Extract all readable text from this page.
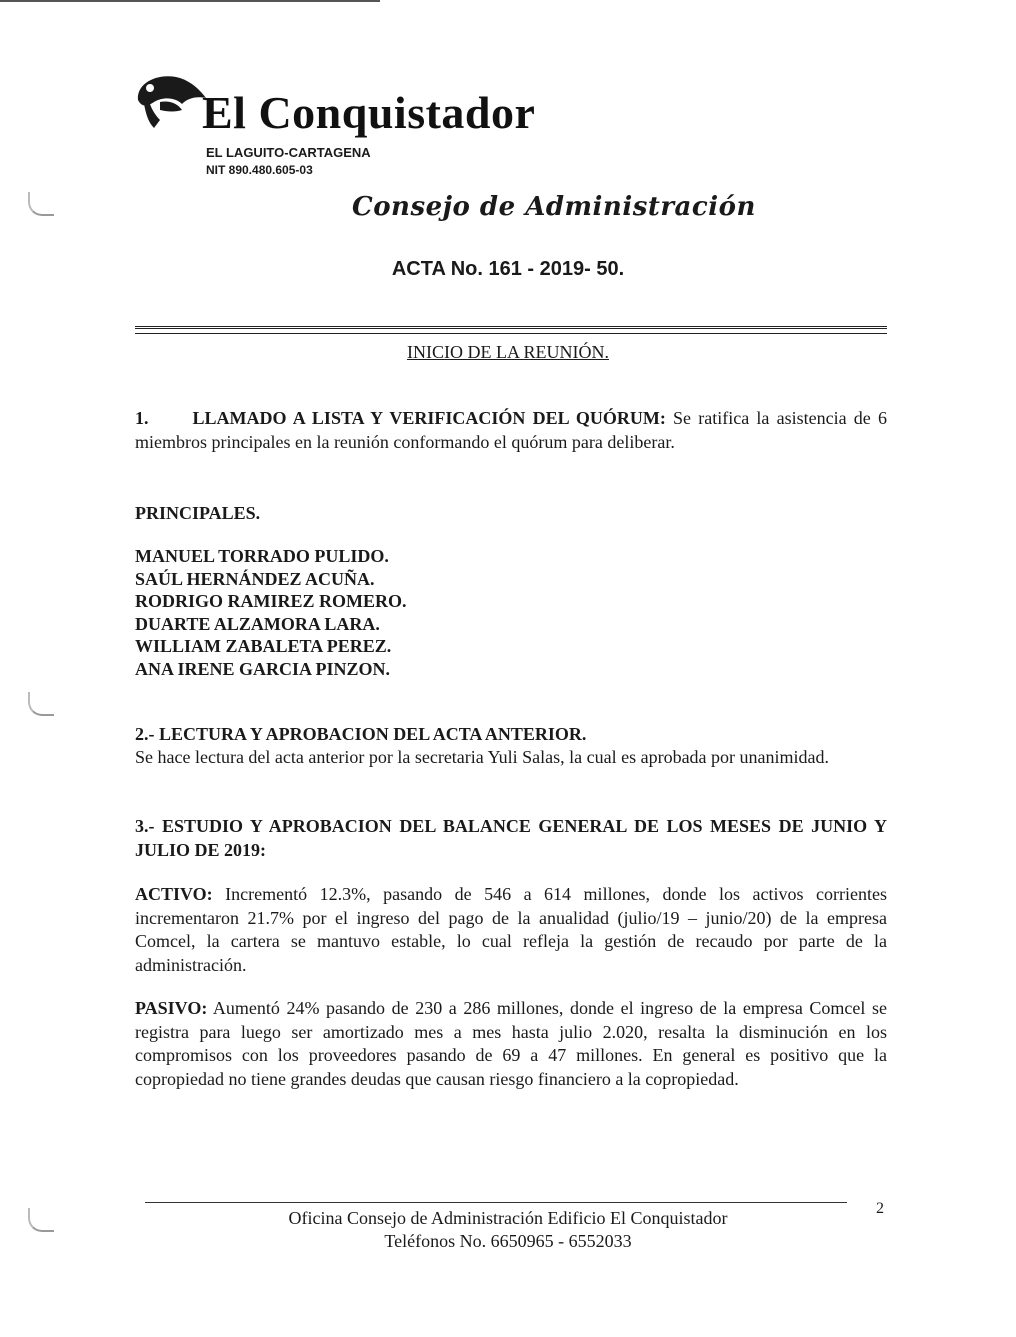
El Conquistador
EL LAGUITO-CARTAGENA
NIT 890.480.605-03
Consejo de Administración
ACTA No. 161 - 2019- 50.
INICIO DE LA REUNIÓN.
1. LLAMADO A LISTA Y VERIFICACIÓN DEL QUÓRUM: Se ratifica la asistencia de 6 miembros principales en la reunión conformando el quórum para deliberar.
PRINCIPALES.
MANUEL TORRADO PULIDO.
SAÚL HERNÁNDEZ ACUÑA.
RODRIGO RAMIREZ ROMERO.
DUARTE ALZAMORA LARA.
WILLIAM ZABALETA PEREZ.
ANA IRENE GARCIA PINZON.
2.- LECTURA Y APROBACION DEL ACTA ANTERIOR.
Se hace lectura del acta anterior por la secretaria Yuli Salas, la cual es aprobada por unanimidad.
3.- ESTUDIO Y APROBACION DEL BALANCE GENERAL DE LOS MESES DE JUNIO Y JULIO DE 2019:
ACTIVO: Incrementó 12.3%, pasando de 546 a 614 millones, donde los activos corrientes incrementaron 21.7% por el ingreso del pago de la anualidad (julio/19 – junio/20) de la empresa Comcel, la cartera se mantuvo estable, lo cual refleja la gestión de recaudo por parte de la administración.
PASIVO: Aumentó 24% pasando de 230 a 286 millones, donde el ingreso de la empresa Comcel se registra para luego ser amortizado mes a mes hasta julio 2.020, resalta la disminución en los compromisos con los proveedores pasando de 69 a 47 millones. En general es positivo que la copropiedad no tiene grandes deudas que causan riesgo financiero a la copropiedad.
Oficina Consejo de Administración Edificio El Conquistador
Teléfonos No. 6650965 - 6552033
2
